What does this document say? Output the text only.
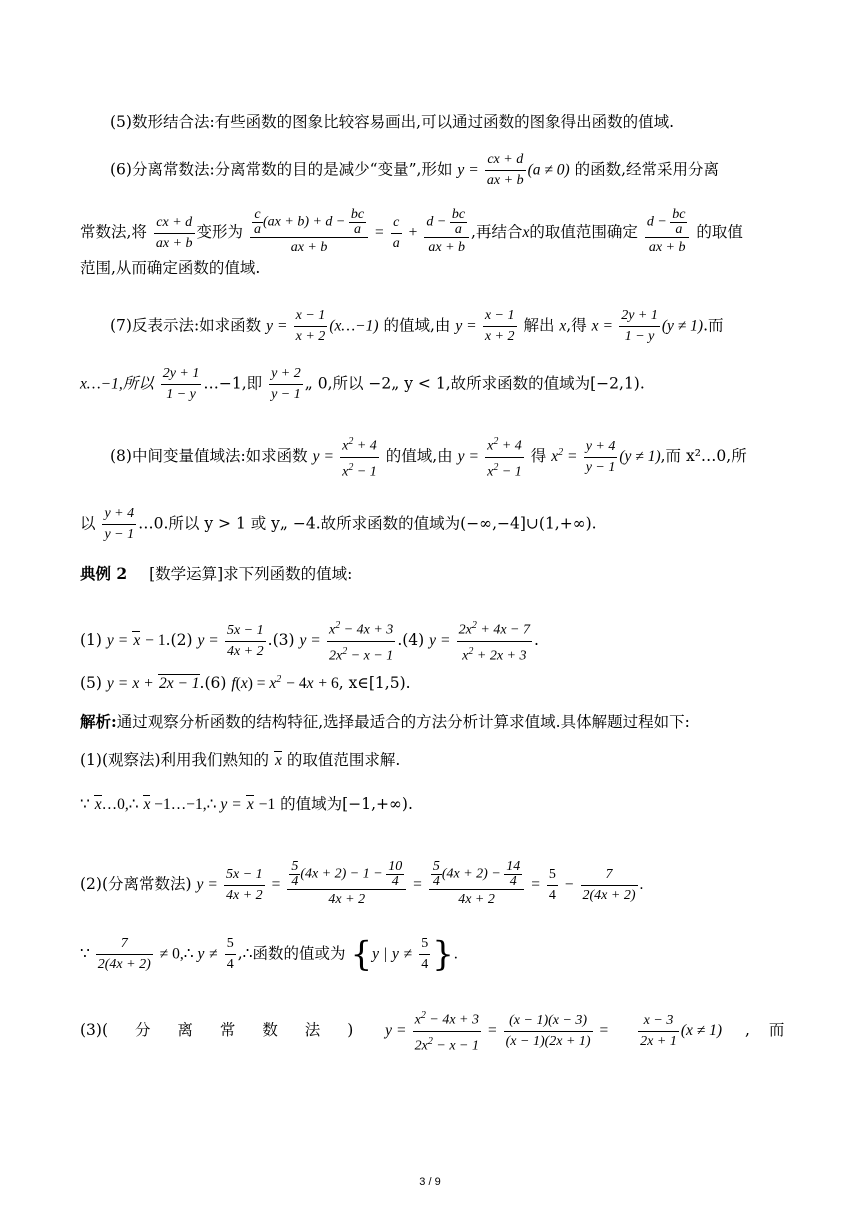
(5)数形结合法:有些函数的图象比较容易画出,可以通过函数的图象得出函数的值域.
(6)分离常数法:分离常数的目的是减少“变量”,形如 $y = \frac{cx + d}{ax + b} (a \ne 0)$ 的函数,经常采用分离
常数法,将 $\frac{cx + d}{ax + b}$ 变形为 $\frac{\frac{c}{a} (ax + b) + d - \frac{bc}{a}}{ax + b} = \frac{c}{a} + \frac{d - \frac{bc}{a}}{ax + b}$ ,再结合x的取值范围确定 $\frac{d - \frac{bc}{a}}{ax + b}$ 的取值
范围,从而确定函数的值域.
(7)反表示法:如求函数 $y = \frac{x - 1}{x + 2}$ (x…−1) 的值域,由 $y = \frac{x - 1}{x + 2}$ 解出 x,得 $x = \frac{2y + 1}{1 - y} (y \ne 1)$.而
x…−1,所以 $\frac{2y + 1}{1 - y}$ …−1,即 $\frac{y + 2}{y - 1}$ „ 0,所以 −2„ y < 1,故所求函数的值域为[−2,1).
(8)中间变量值域法:如求函数 $y = \frac{x^2 + 4}{x^2 - 1}$ 的值域,由 $y = \frac{x^2 + 4}{x^2 - 1}$ 得 $x^2 = \frac{y + 4}{y - 1} (y \ne 1)$,而 x²…0,所
以 $\frac{y + 4}{y - 1}$ …0.所以 y > 1 或 y„ −4.故所求函数的值域为(−∞,−4]∪(1,+∞).
典例 2 [数学运算]求下列函数的值域:
(1) y = x − 1.(2) $y = \frac{5x - 1}{4x + 2} .(3) y = \frac{x^2 - 4x + 3}{2x^2 - x - 1} .(4) y = \frac{2x^2 + 4x - 7}{x^2 + 2x + 3}$ .
(5) y = x + 2x − 1.(6) $f(x) = x^2 - 4x + 6$, x∈[1,5).
解析:通过观察分析函数的结构特征,选择最适合的方法分析计算求值域.具体解题过程如下:
(1)(观察法)利用我们熟知的 x 的取值范围求解.
∵ x…0,∴ x −1…−1,∴ y = x −1 的值域为[−1,+∞).
(2)(分离常数法) $y = \frac{5x - 1}{4x + 2} = \frac{\frac{5}{4} (4x + 2) - 1 - \frac{10}{4}}{4x + 2} = \frac{\frac{5}{4} (4x + 2) - \frac{14}{4}}{4x + 2} = \frac{5}{4} - \frac{7}{2(4x + 2)}$ .
∵ $\frac{7}{2(4x + 2)}$ ≠ 0,∴ $y \ne \frac{5}{4}$ ,∴函数的值或为 {y | $y \ne \frac{5}{4}$ }.
(3)( 分 离 常 数 法 ) $y = \frac{x^2 - 4x + 3}{2x^2 - x - 1} = \frac{(x - 1)(x - 3)}{(x - 1)(2x + 1)} = \frac{x - 3}{2x + 1} (x \ne 1)$ , 而
3 / 9
